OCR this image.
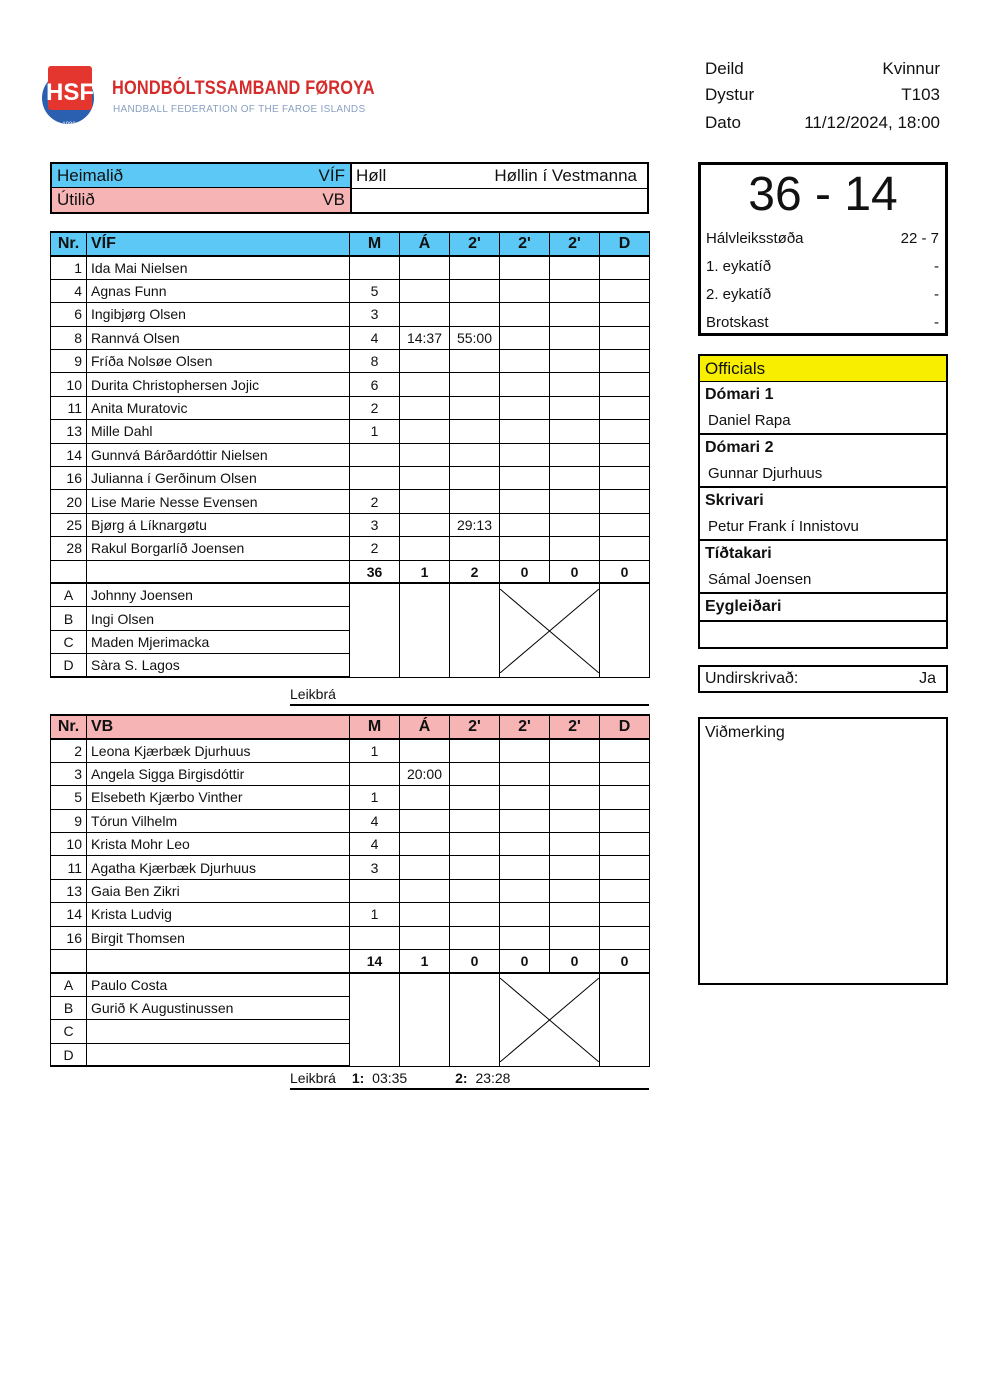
HSF
1980
HONDBÓLTSSAMBAND FØROYA
HANDBALL FEDERATION OF THE FAROE ISLANDS
Deild	Kvinnur
Dystur	T103
Dato	11/12/2024, 18:00
Heimalið	VÍF
Útilið	VB
Høll	Høllin í Vestmanna
Nr.	VÍF	M	Á	2'	2'	2'	D
1	Ida Mai Nielsen						
4	Agnas Funn	5					
6	Ingibjørg Olsen	3					
8	Rannvá Olsen	4	14:37	55:00			
9	Fríða Nolsøe Olsen	8					
10	Durita Christophersen Jojic	6					
11	Anita Muratovic	2					
13	Mille Dahl	1					
14	Gunnvá Bárðardóttir Nielsen						
16	Julianna í Gerðinum Olsen						
20	Lise Marie Nesse Evensen	2					
25	Bjørg á Líknargøtu	3		29:13			
28	Rakul Borgarlíð Joensen	2					
		36	1	2	0	0	0
A	Johnny Joensen				

B	Ingi Olsen						
C	Maden Mjerimacka						
D	Sàra S. Lagos						
Leikbrá
Nr.	VB	M	Á	2'	2'	2'	D
2	Leona Kjærbæk Djurhuus	1					
3	Angela Sigga Birgisdóttir		20:00				
5	Elsebeth Kjærbo Vinther	1					
9	Tórun Vilhelm	4					
10	Krista Mohr Leo	4					
11	Agatha Kjærbæk Djurhuus	3					
13	Gaia Ben Zikri						
14	Krista Ludvig	1					
16	Birgit Thomsen						
		14	1	0	0	0	0
A	Paulo Costa				

B	Gurið K Augustinussen						
C							
D							
Leikbrá 1: 03:35	2: 23:28
36 - 14
Hálvleiksstøða	22 - 7
1. eykatíð	-
2. eykatíð	-
Brotskast	-
Officials
Dómari 1
Daniel Rapa
Dómari 2
Gunnar Djurhuus
Skrivari
Petur Frank í Innistovu
Tíðtakari
Sámal Joensen
Eygleiðari
Undirskrivað:	Ja
Viðmerking
